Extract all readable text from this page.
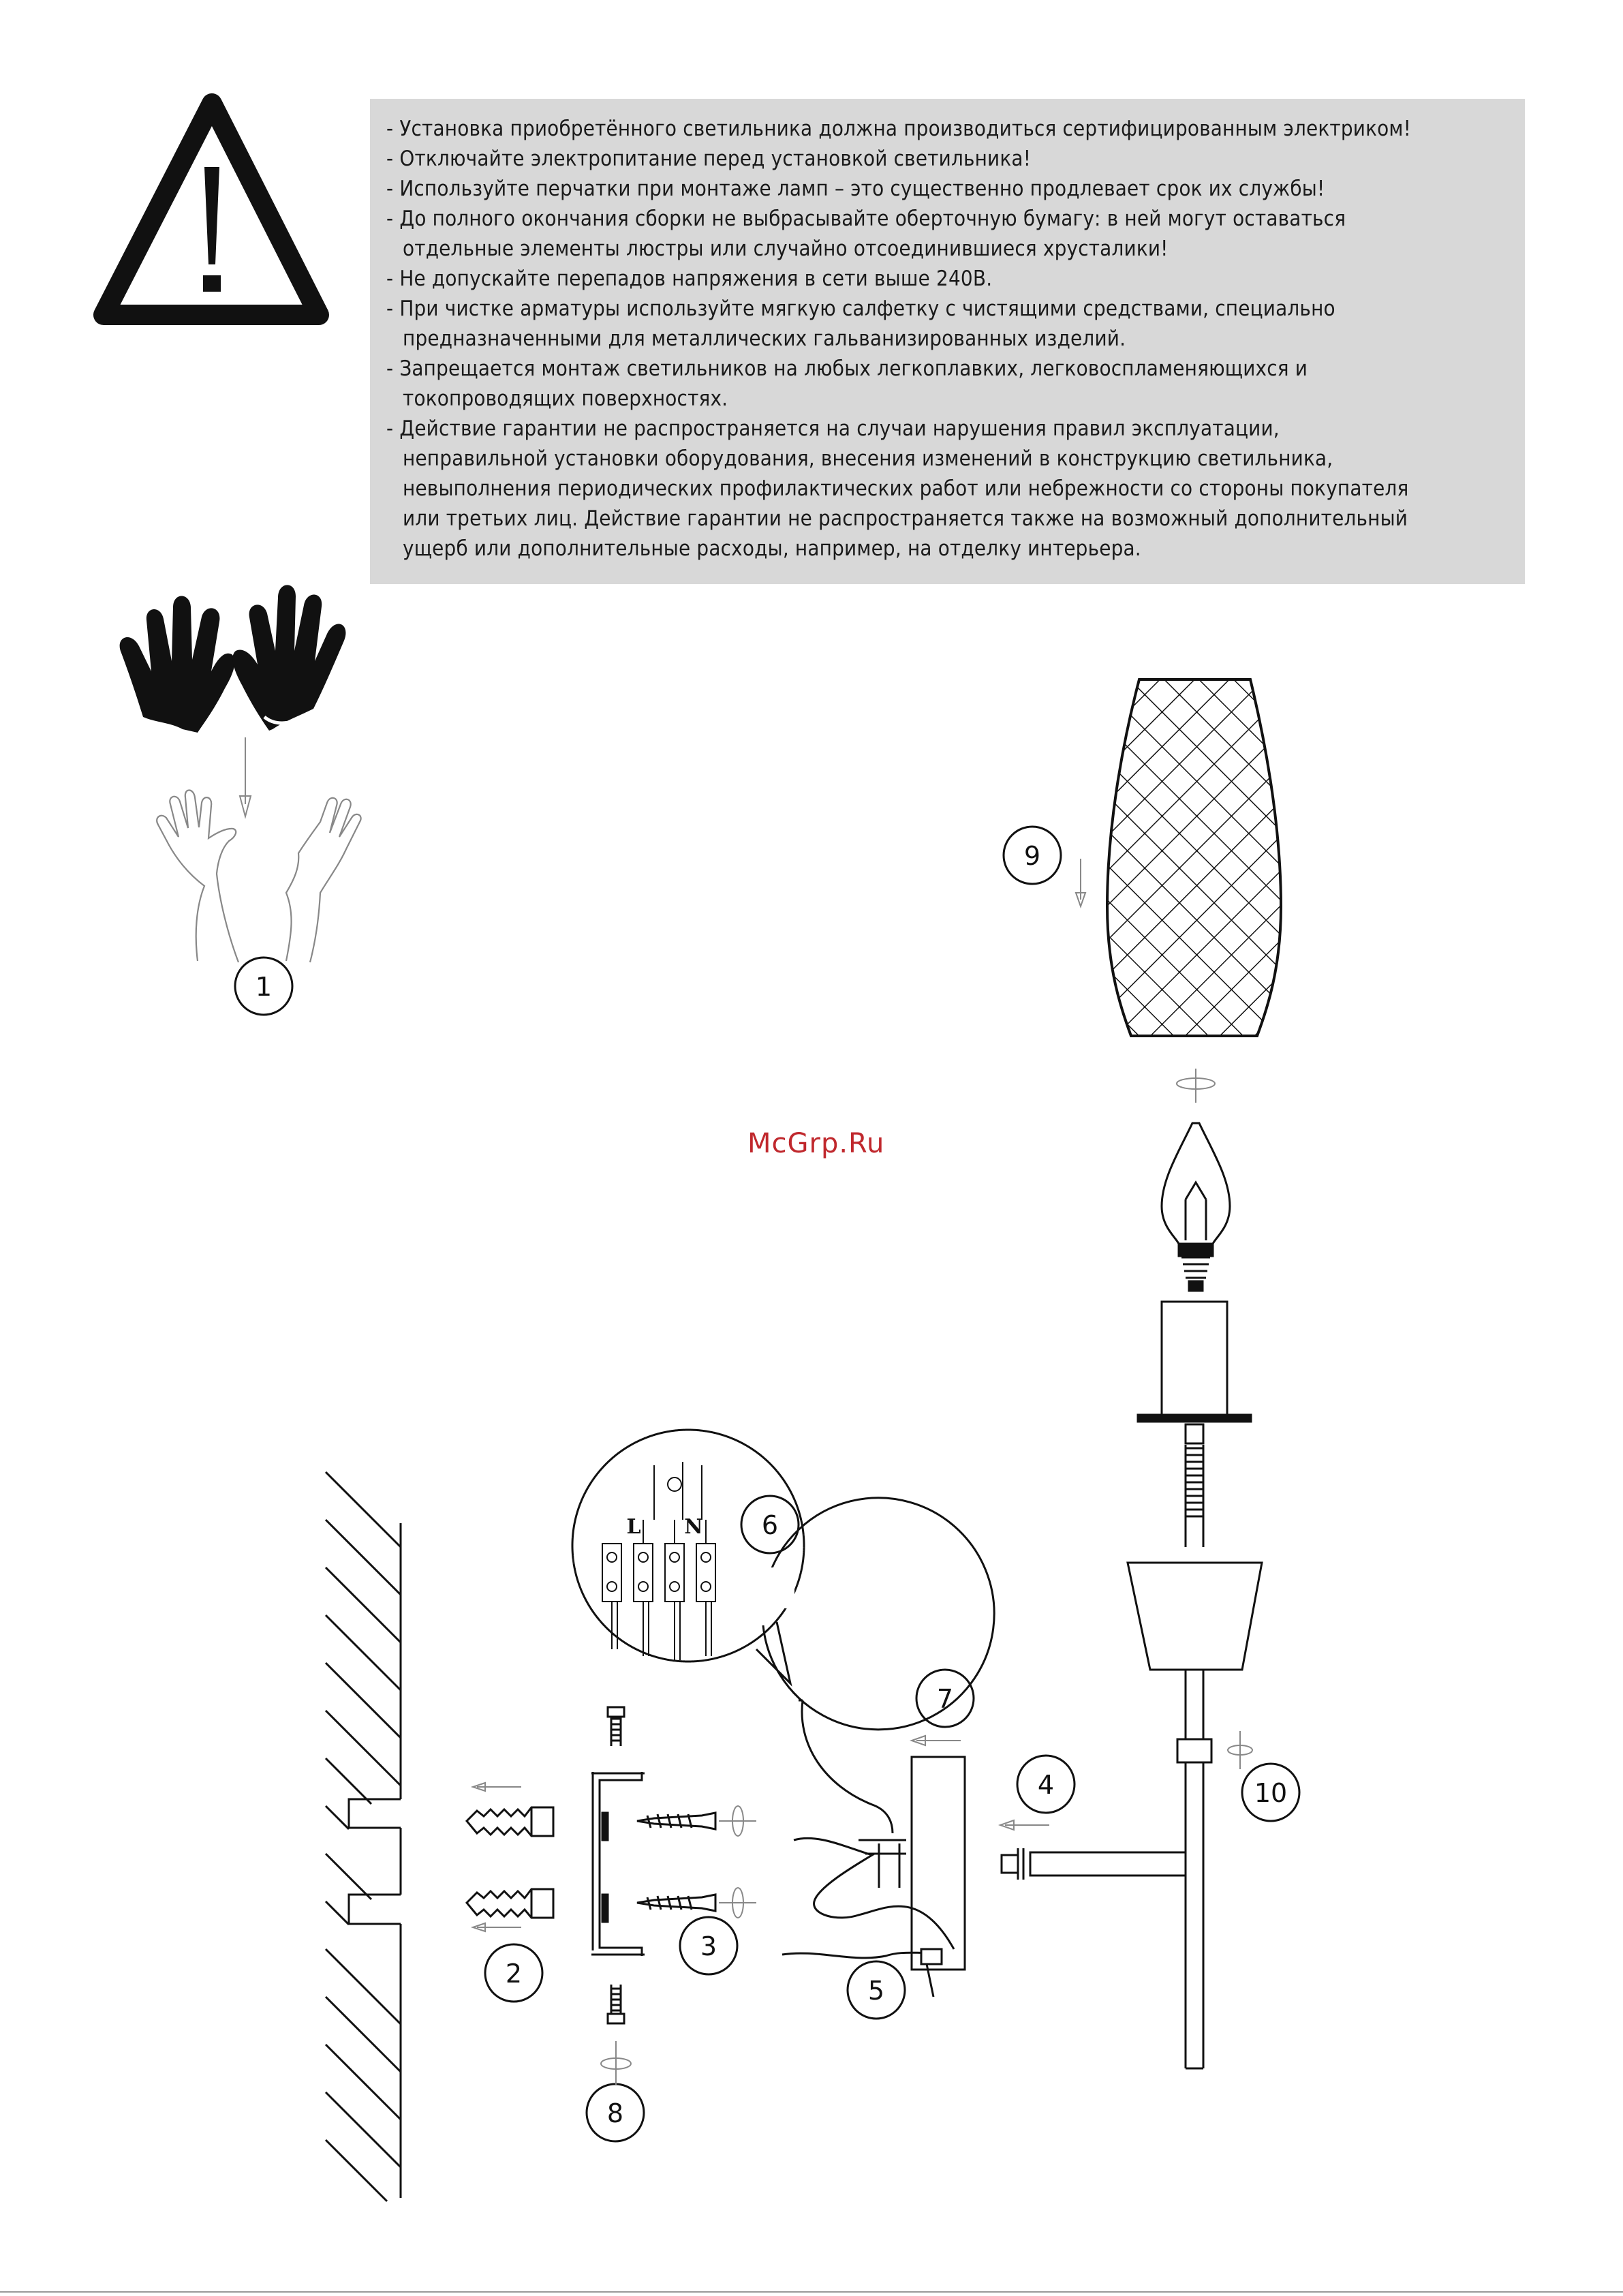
- Установка приобретённого светильника должна производиться сертифицированным электриком!
- Отключайте электропитание перед установкой светильника!
- Используйте перчатки при монтаже ламп – это существенно продлевает срок их службы!
- До полного окончания сборки не выбрасывайте оберточную бумагу: в ней могут оставаться
отдельные элементы люстры или случайно отсоединившиеся хрусталики!
- Не допускайте перепадов напряжения в сети выше 240В.
- При чистке арматуры используйте мягкую салфетку с чистящими средствами, специально
предназначенными для металлических гальванизированных изделий.
- Запрещается монтаж светильников на любых легкоплавких, легковоспламеняющихся и
токопроводящих поверхностях.
- Действие гарантии не распространяется на случаи нарушения правил эксплуатации,
неправильной установки оборудования, внесения изменений в конструкцию светильника,
невыполнения периодических профилактических работ или небрежности со стороны покупателя
или третьих лиц. Действие гарантии не распространяется также на возможный дополнительный
ущерб или дополнительные расходы, например, на отделку интерьера.
McGrp.Ru
1
9
6
7
4	10
3
2
5
8
L N
